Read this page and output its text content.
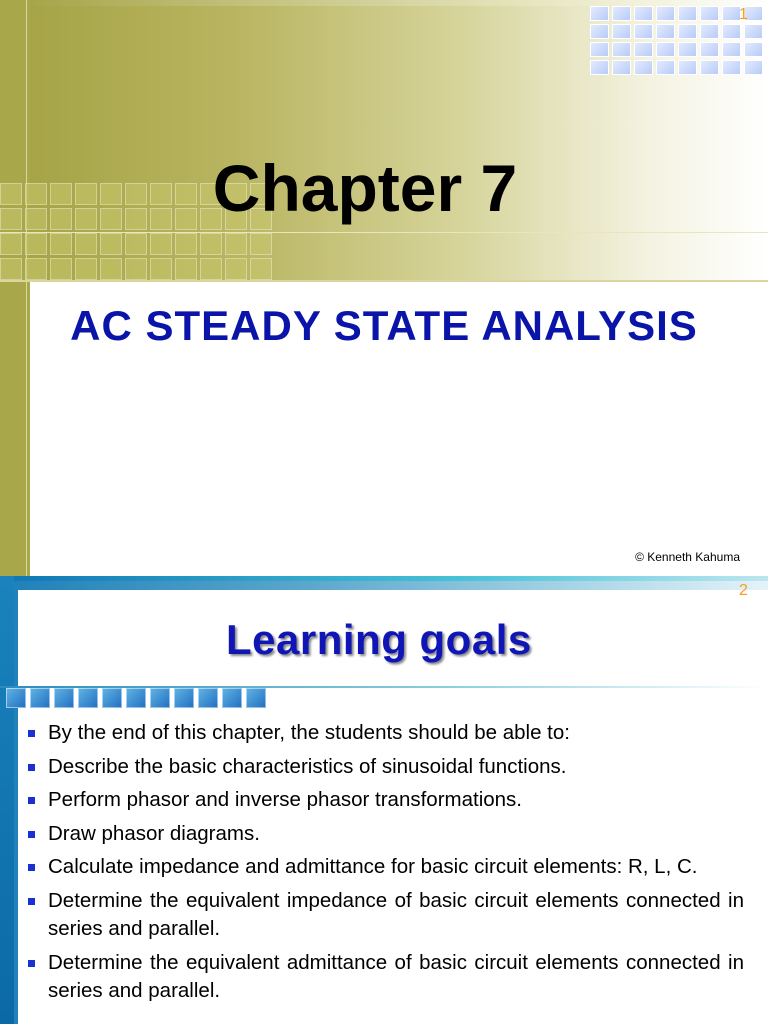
1
Chapter 7
AC STEADY STATE ANALYSIS
© Kenneth Kahuma
2
Learning goals
By the end of this chapter, the students should be able to:
Describe the basic characteristics of sinusoidal functions.
Perform phasor and inverse phasor transformations.
Draw phasor diagrams.
Calculate impedance and admittance for basic circuit elements: R, L, C.
Determine the equivalent impedance of basic circuit elements connected in series and parallel.
Determine the equivalent admittance of basic circuit elements connected in series and parallel.
